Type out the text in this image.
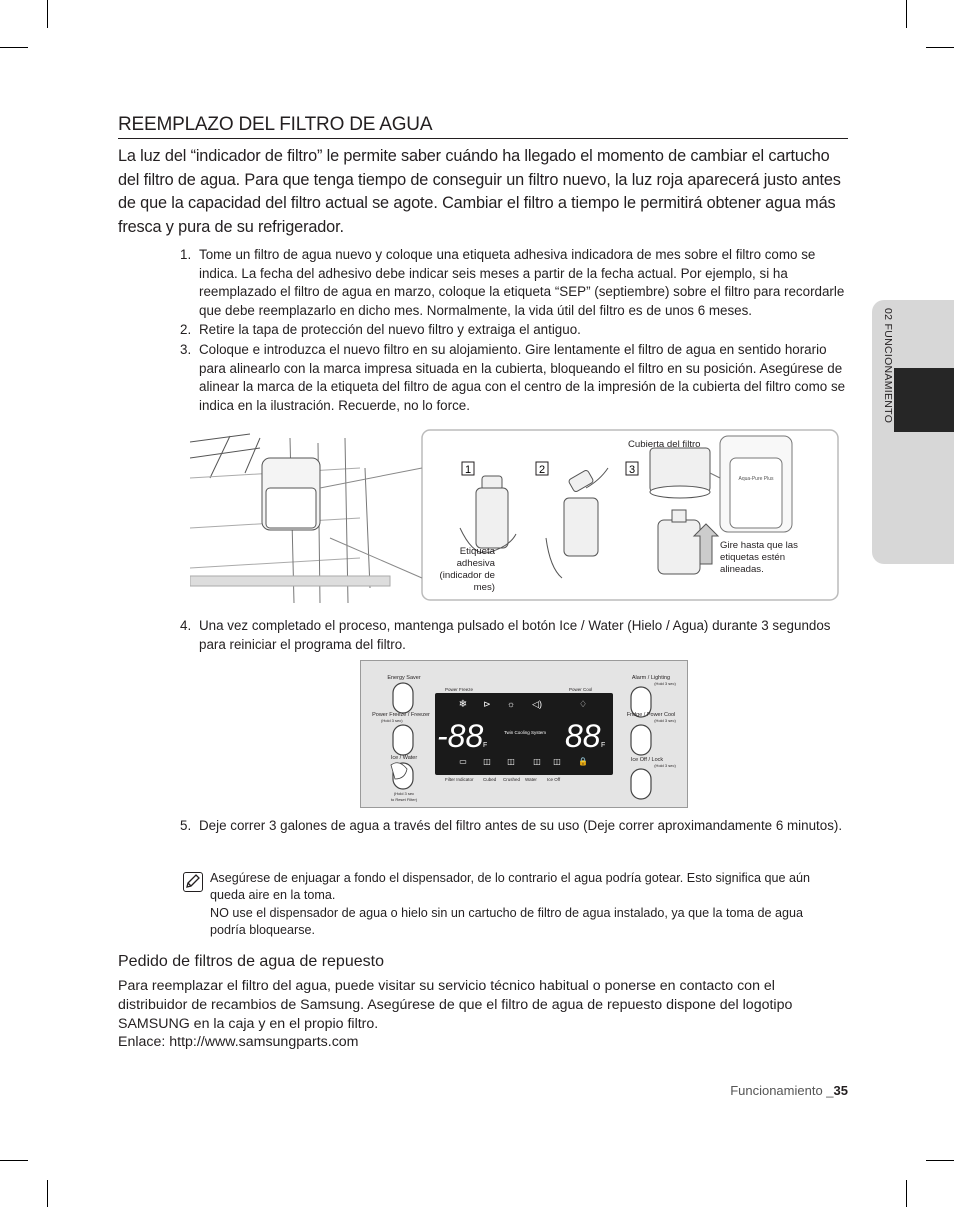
REEMPLAZO DEL FILTRO DE AGUA
La luz del “indicador de filtro” le permite saber cuándo ha llegado el momento de cambiar el cartucho del filtro de agua. Para que tenga tiempo de conseguir un filtro nuevo, la luz roja aparecerá justo antes de que la capacidad del filtro actual se agote. Cambiar el filtro a tiempo le permitirá obtener agua más fresca y pura de su refrigerador.
1. Tome un filtro de agua nuevo y coloque una etiqueta adhesiva indicadora de mes sobre el filtro como se indica. La fecha del adhesivo debe indicar seis meses a partir de la fecha actual. Por ejemplo, si ha reemplazado el filtro de agua en marzo, coloque la etiqueta “SEP” (septiembre) sobre el filtro para recordarle que debe reemplazarlo en dicho mes. Normalmente, la vida útil del filtro es de unos 6 meses.
2. Retire la tapa de protección del nuevo filtro y extraiga el antiguo.
3. Coloque e introduzca el nuevo filtro en su alojamiento. Gire lentamente el filtro de agua en sentido horario para alinearlo con la marca impresa situada en la cubierta, bloqueando el filtro en su posición. Asegúrese de alinear la marca de la etiqueta del filtro de agua con el centro de la impresión de la cubierta del filtro como se indica en la ilustración. Recuerde, no lo force.	02 FUNCIONAMIENTO
1	2	3
Aqua-Pure Plus
Cubierta del filtro
Etiqueta
adhesiva
(indicador de
mes)
Gire hasta que las
etiquetas estén
alineadas.
4. Una vez completado el proceso, mantenga pulsado el botón Ice / Water (Hielo / Agua) durante 3 segundos para reiniciar el programa del filtro.
Energy Saver
Power Freeze / Freezer
(Hold 3 sec)
Ice / Water
(Hold 3 sec
to Reset Filter)
Power Freeze	Power Cool
❄ ⊳ ☼ ◁)	♢
-88 F 88 F
Twin Cooling System
▭ ◫ ◫ ◫ ◫ 🔒
Filter Indicator Cubed Crushed Water Ice Off
Alarm / Lighting
(Hold 3 sec)
Fridge / Power Cool
(Hold 3 sec)
Ice Off / Lock
(Hold 3 sec)
5. Deje correr 3 galones de agua a través del filtro antes de su uso (Deje correr aproximandamente 6 minutos).
Asegúrese de enjuagar a fondo el dispensador, de lo contrario el agua podría gotear. Esto significa que aún queda aire en la toma.
NO use el dispensador de agua o hielo sin un cartucho de filtro de agua instalado, ya que la toma de agua podría bloquearse.
Pedido de filtros de agua de repuesto
Para reemplazar el filtro del agua, puede visitar su servicio técnico habitual o ponerse en contacto con el distribuidor de recambios de Samsung. Asegúrese de que el filtro de agua de repuesto dispone del logotipo SAMSUNG en la caja y en el propio filtro.
Enlace: http://www.samsungparts.com
Funcionamiento _35
